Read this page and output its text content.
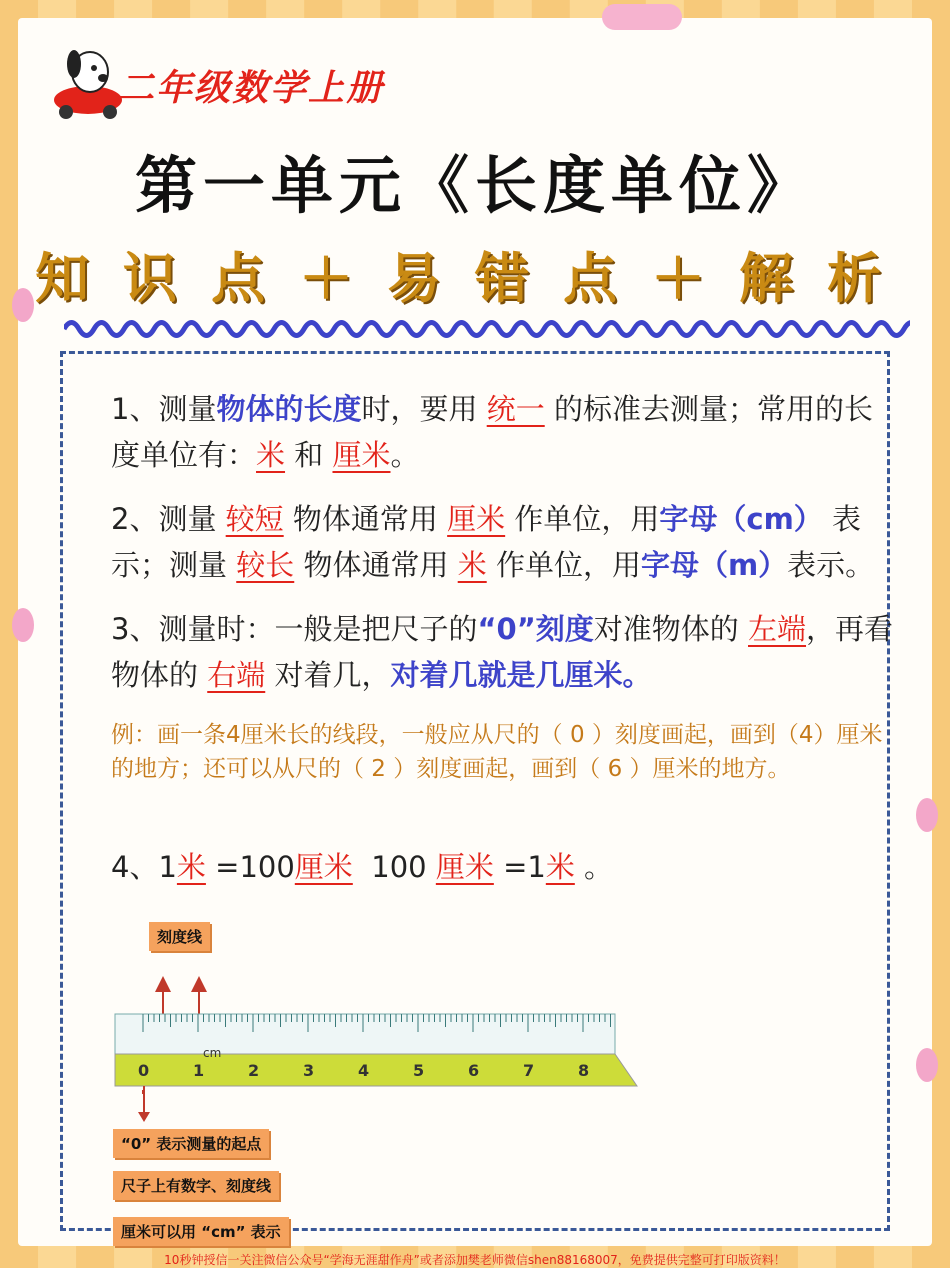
二年级数学上册
第一单元《长度单位》
知识点＋易错点＋解析
1、测量物体的长度时，要用 统一 的标准去测量；常用的长度单位有：米 和 厘米。
2、测量 较短 物体通常用 厘米 作单位，用字母（cm） 表示；测量 较长 物体通常用 米 作单位，用字母（m）表示。
3、测量时：一般是把尺子的“0”刻度对准物体的 左端，再看物体的 右端 对着几，对着几就是几厘米。
例：画一条4厘米长的线段，一般应从尺的（ 0 ）刻度画起，画到（4）厘米的地方；还可以从尺的（ 2 ）刻度画起，画到（ 6 ）厘米的地方。
4、1米 =100厘米 100 厘米 =1米 。
刻度线
0	1	2	3	4	5	6	7	8
cm
“0” 表示测量的起点
尺子上有数字、刻度线
厘米可以用 “cm” 表示
10秒钟授信一关注微信公众号“学海无涯甜作舟”或者添加樊老师微信shen88168007，免费提供完整可打印版资料！
